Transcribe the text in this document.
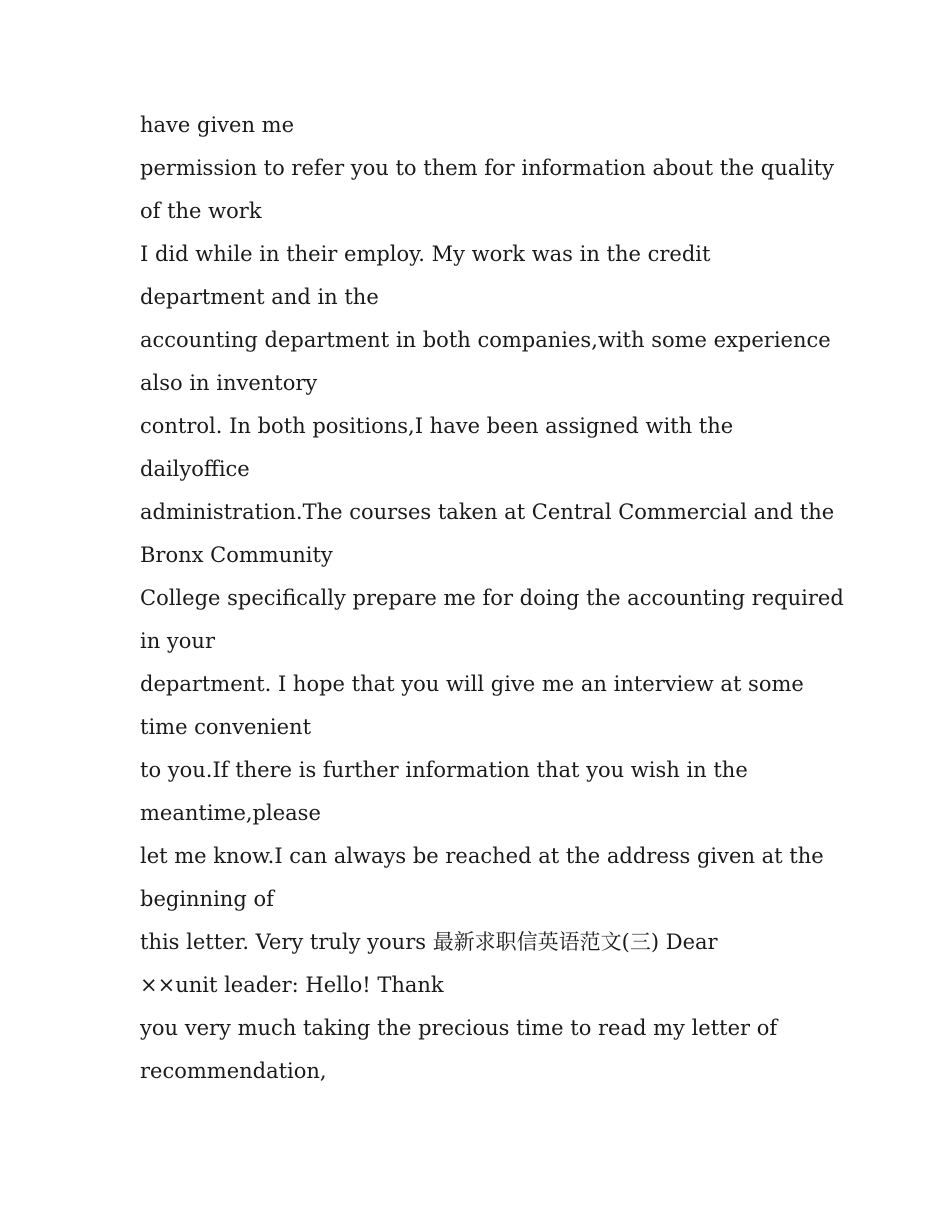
have given me
permission to refer you to them for information about the quality
of the work
I did while in their employ. My work was in the credit
department and in the
accounting department in both companies,with some experience
also in inventory
control. In both positions,I have been assigned with the
dailyoffice
administration.The courses taken at Central Commercial and the
Bronx Community
College specifically prepare me for doing the accounting required
in your
department. I hope that you will give me an interview at some
time convenient
to you.If there is further information that you wish in the
meantime,please
let me know.I can always be reached at the address given at the
beginning of
this letter. Very truly yours 最新求职信英语范文(三) Dear
××unit leader: Hello! Thank
you very much taking the precious time to read my letter of
recommendation,
